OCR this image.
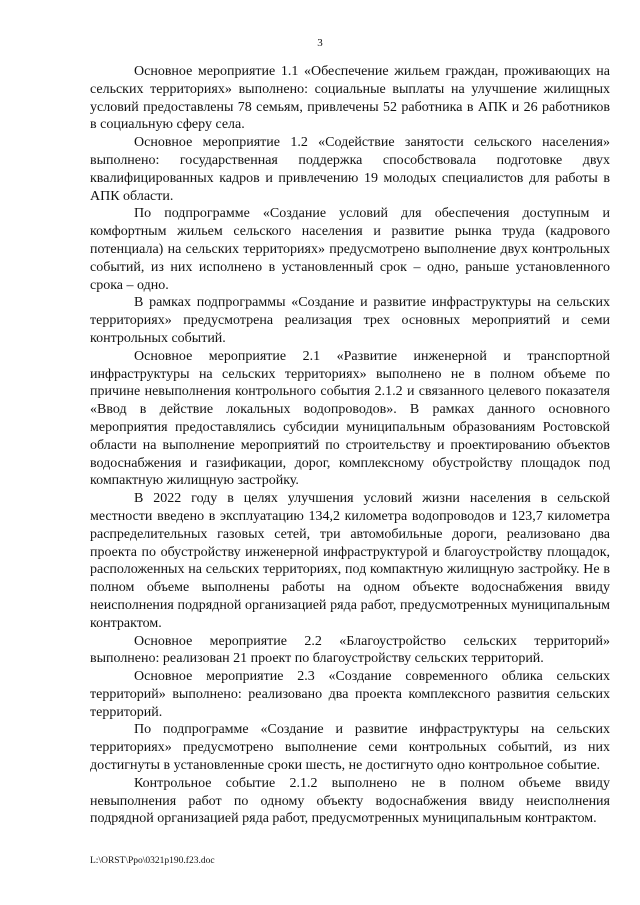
3

Основное мероприятие 1.1 «Обеспечение жильем граждан, проживающих на сельских территориях» выполнено: социальные выплаты на улучшение жилищных условий предоставлены 78 семьям, привлечены 52 работника в АПК и 26 работников в социальную сферу села.

Основное мероприятие 1.2 «Содействие занятости сельского населения» выполнено: государственная поддержка способствовала подготовке двух квалифицированных кадров и привлечению 19 молодых специалистов для работы в АПК области.

По подпрограмме «Создание условий для обеспечения доступным и комфортным жильем сельского населения и развитие рынка труда (кадрового потенциала) на сельских территориях» предусмотрено выполнение двух контрольных событий, из них исполнено в установленный срок – одно, раньше установленного срока – одно.

В рамках подпрограммы «Создание и развитие инфраструктуры на сельских территориях» предусмотрена реализация трех основных мероприятий и семи контрольных событий.

Основное мероприятие 2.1 «Развитие инженерной и транспортной инфраструктуры на сельских территориях» выполнено не в полном объеме по причине невыполнения контрольного события 2.1.2 и связанного целевого показателя «Ввод в действие локальных водопроводов». В рамках данного основного мероприятия предоставлялись субсидии муниципальным образованиям Ростовской области на выполнение мероприятий по строительству и проектированию объектов водоснабжения и газификации, дорог, комплексному обустройству площадок под компактную жилищную застройку.

В 2022 году в целях улучшения условий жизни населения в сельской местности введено в эксплуатацию 134,2 километра водопроводов и 123,7 километра распределительных газовых сетей, три автомобильные дороги, реализовано два проекта по обустройству инженерной инфраструктурой и благоустройству площадок, расположенных на сельских территориях, под компактную жилищную застройку. Не в полном объеме выполнены работы на одном объекте водоснабжения ввиду неисполнения подрядной организацией ряда работ, предусмотренных муниципальным контрактом.

Основное мероприятие 2.2 «Благоустройство сельских территорий» выполнено: реализован 21 проект по благоустройству сельских территорий.

Основное мероприятие 2.3 «Создание современного облика сельских территорий» выполнено: реализовано два проекта комплексного развития сельских территорий.

По подпрограмме «Создание и развитие инфраструктуры на сельских территориях» предусмотрено выполнение семи контрольных событий, из них достигнуты в установленные сроки шесть, не достигнуто одно контрольное событие.

Контрольное событие 2.1.2 выполнено не в полном объеме ввиду невыполнения работ по одному объекту водоснабжения ввиду неисполнения подрядной организацией ряда работ, предусмотренных муниципальным контрактом.

L:\ORST\Ppo\0321p190.f23.doc
